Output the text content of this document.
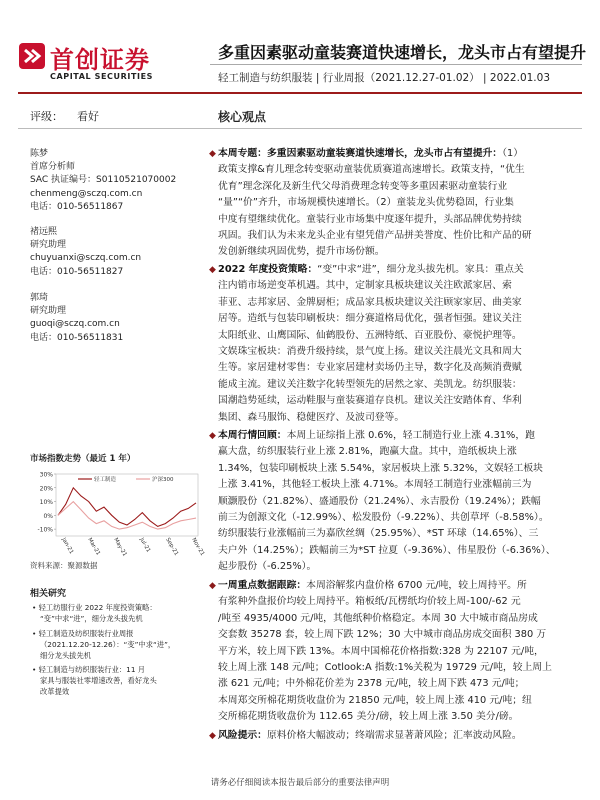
首创证券
CAPITAL SECURITIES
多重因素驱动童装赛道快速增长，龙头市占有望提升
轻工制造与纺织服装 | 行业周报（2021.12.27-01.02） | 2022.01.03
评级： 看好	核心观点
陈梦
首席分析师
SAC 执证编号：S0110521070002
chenmeng@sczq.com.cn
电话：010-56511867
褚远熙
研究助理
chuyuanxi@sczq.com.cn
电话：010-56511827
郭琦
研究助理
guoqi@sczq.com.cn
电话：010-56511831
市场指数走势（最近 1 年）
30%
20%
10%
0%
-10%
Jan-21 Mar-21 May-21 Jul-21 Sep-21 Nov-21
轻工制造	沪深300
资料来源：聚源数据
相关研究
• 轻工纺服行业 2022 年度投资策略：
“变”中求“进”，细分龙头拔先机
• 轻工制造及纺织服装行业周报
（2021.12.20-12.26）：“变”中求“进”，
细分龙头拔先机
• 轻工制造与纺织服装行业：11 月
家具与服装社零增速改善，看好龙头
改革提效
◆ 本周专题：多重因素驱动童装赛道快速增长，龙头市占有望提升：（1）
政策支撑&育儿理念转变驱动童装优质赛道高速增长。政策支持，“优生
优育”理念深化及新生代父母消费理念转变等多重因素驱动童装行业
“量”“价”齐升，市场规模快速增长。（2）童装龙头优势稳固，行业集
中度有望继续优化。童装行业市场集中度逐年提升，头部品牌优势持续
巩固。我们认为未来龙头企业有望凭借产品拼美誉度、性价比和产品的研
发创新继续巩固优势，提升市场份额。
◆ 2022 年度投资策略：“变”中求“进”，细分龙头拔先机。家具：重点关
注内销市场逆变革机遇。其中，定制家具板块建议关注欧派家居、索
菲亚、志邦家居、金牌厨柜；成品家具板块建议关注顾家家居、曲美家
居等。造纸与包装印刷板块：细分赛道格局优化，强者恒强。建议关注
太阳纸业、山鹰国际、仙鹤股份、五洲特纸、百亚股份、豪悦护理等。
文娱珠宝板块：消费升级持续，景气度上扬。建议关注晨光文具和周大
生等。家居建材零售：专业家居建材卖场仍主导，数字化及高频消费赋
能成主流。建议关注数字化转型领先的居然之家、美凯龙。纺织服装：
国潮趋势延续，运动鞋服与童装赛道存良机。建议关注安踏体育、华利
集团、森马服饰、稳健医疗、及波司登等。
◆ 本周行情回顾：本周上证综指上涨 0.6%，轻工制造行业上涨 4.31%，跑
赢大盘，纺织服装行业上涨 2.81%，跑赢大盘。其中，造纸板块上涨
1.34%，包装印刷板块上涨 5.54%，家居板块上涨 5.32%，文娱轻工板块
上涨 3.41%，其他轻工板块上涨 4.71%。本周轻工制造行业涨幅前三为
顺灏股份（21.82%）、盛通股份（21.24%）、永吉股份（19.24%）；跌幅
前三为创源文化（-12.99%）、松发股份（-9.22%）、共创草坪（-8.58%）。
纺织服装行业涨幅前三为嘉欣丝绸（25.95%）、*ST 环球（14.65%）、三
夫户外（14.25%）；跌幅前三为*ST 拉夏（-9.36%）、伟星股份（-6.36%）、
起步股份（-6.25%）。
◆ 一周重点数据跟踪：本周浴解浆内盘价格 6700 元/吨，较上周持平。所
有浆种外盘报价均较上周持平。箱板纸/瓦楞纸均价较上周-100/-62 元
/吨至 4935/4000 元/吨，其他纸种价格稳定。本周 30 大中城市商品房成
交套数 35278 套，较上周下跌 12%；30 大中城市商品房成交面积 380 万
平方米，较上周下跌 13%。本周中国棉花价格指数:328 为 22107 元/吨，
较上周上涨 148 元/吨；Cotlook:A 指数:1%关税为 19729 元/吨，较上周上
涨 621 元/吨；中外棉花价差为 2378 元/吨，较上周下跌 473 元/吨；
本周郑交所棉花期货收盘价为 21850 元/吨，较上周上涨 410 元/吨；纽
交所棉花期货收盘价为 112.65 美分/磅，较上周上涨 3.50 美分/磅。
◆ 风险提示：原料价格大幅波动；终端需求显著萧风险；汇率波动风险。
请务必仔细阅读本报告最后部分的重要法律声明
